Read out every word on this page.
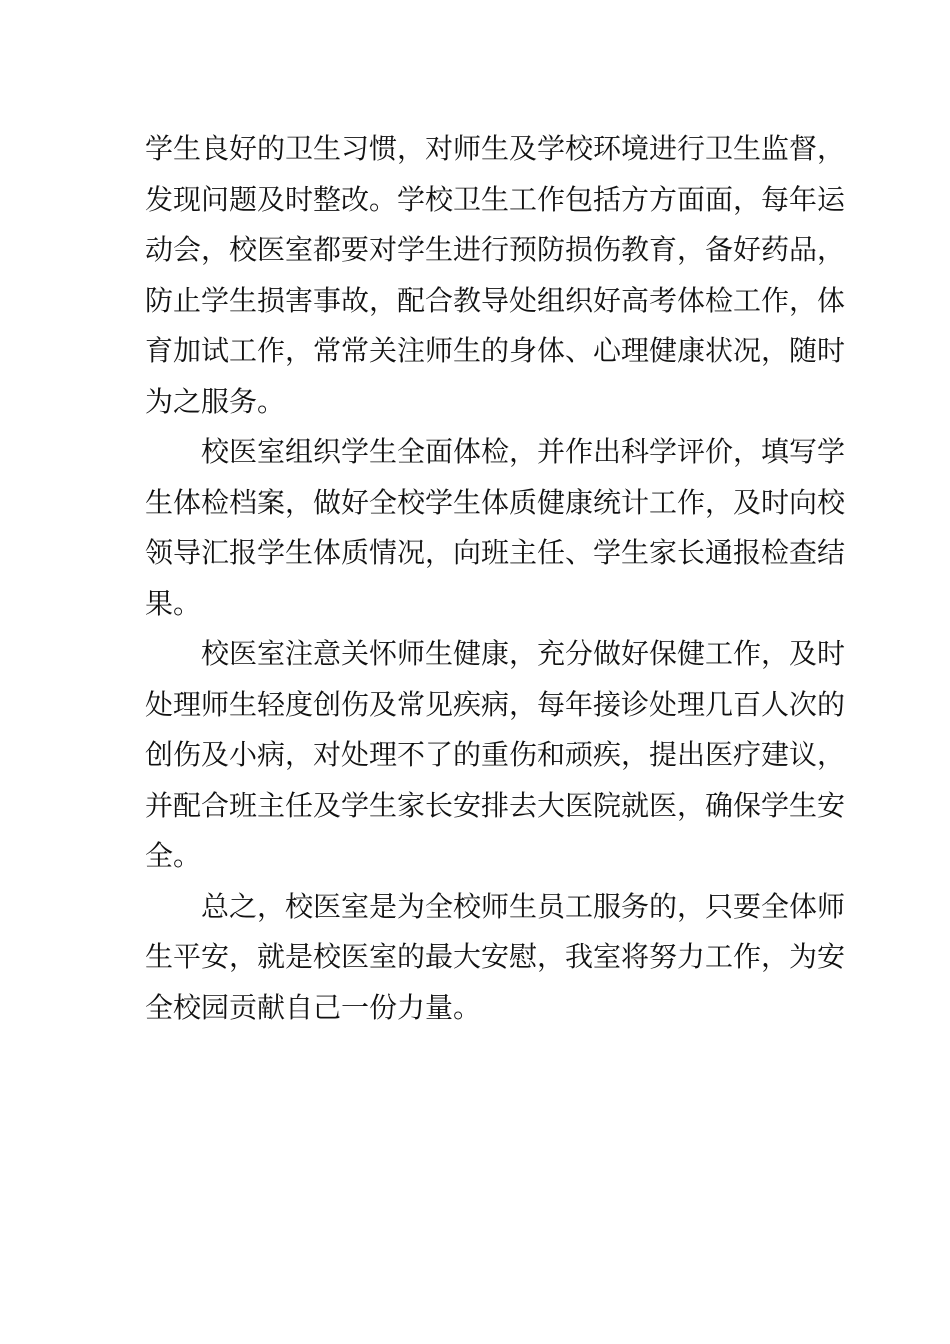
学生良好的卫生习惯，对师生及学校环境进行卫生监督，
发现问题及时整改。学校卫生工作包括方方面面，每年运
动会，校医室都要对学生进行预防损伤教育，备好药品，
防止学生损害事故，配合教导处组织好高考体检工作，体
育加试工作，常常关注师生的身体、心理健康状况，随时
为之服务。
校医室组织学生全面体检，并作出科学评价，填写学
生体检档案，做好全校学生体质健康统计工作，及时向校
领导汇报学生体质情况，向班主任、学生家长通报检查结
果。
校医室注意关怀师生健康，充分做好保健工作，及时
处理师生轻度创伤及常见疾病，每年接诊处理几百人次的
创伤及小病，对处理不了的重伤和顽疾，提出医疗建议，
并配合班主任及学生家长安排去大医院就医，确保学生安
全。
总之，校医室是为全校师生员工服务的，只要全体师
生平安，就是校医室的最大安慰，我室将努力工作，为安
全校园贡献自己一份力量。
